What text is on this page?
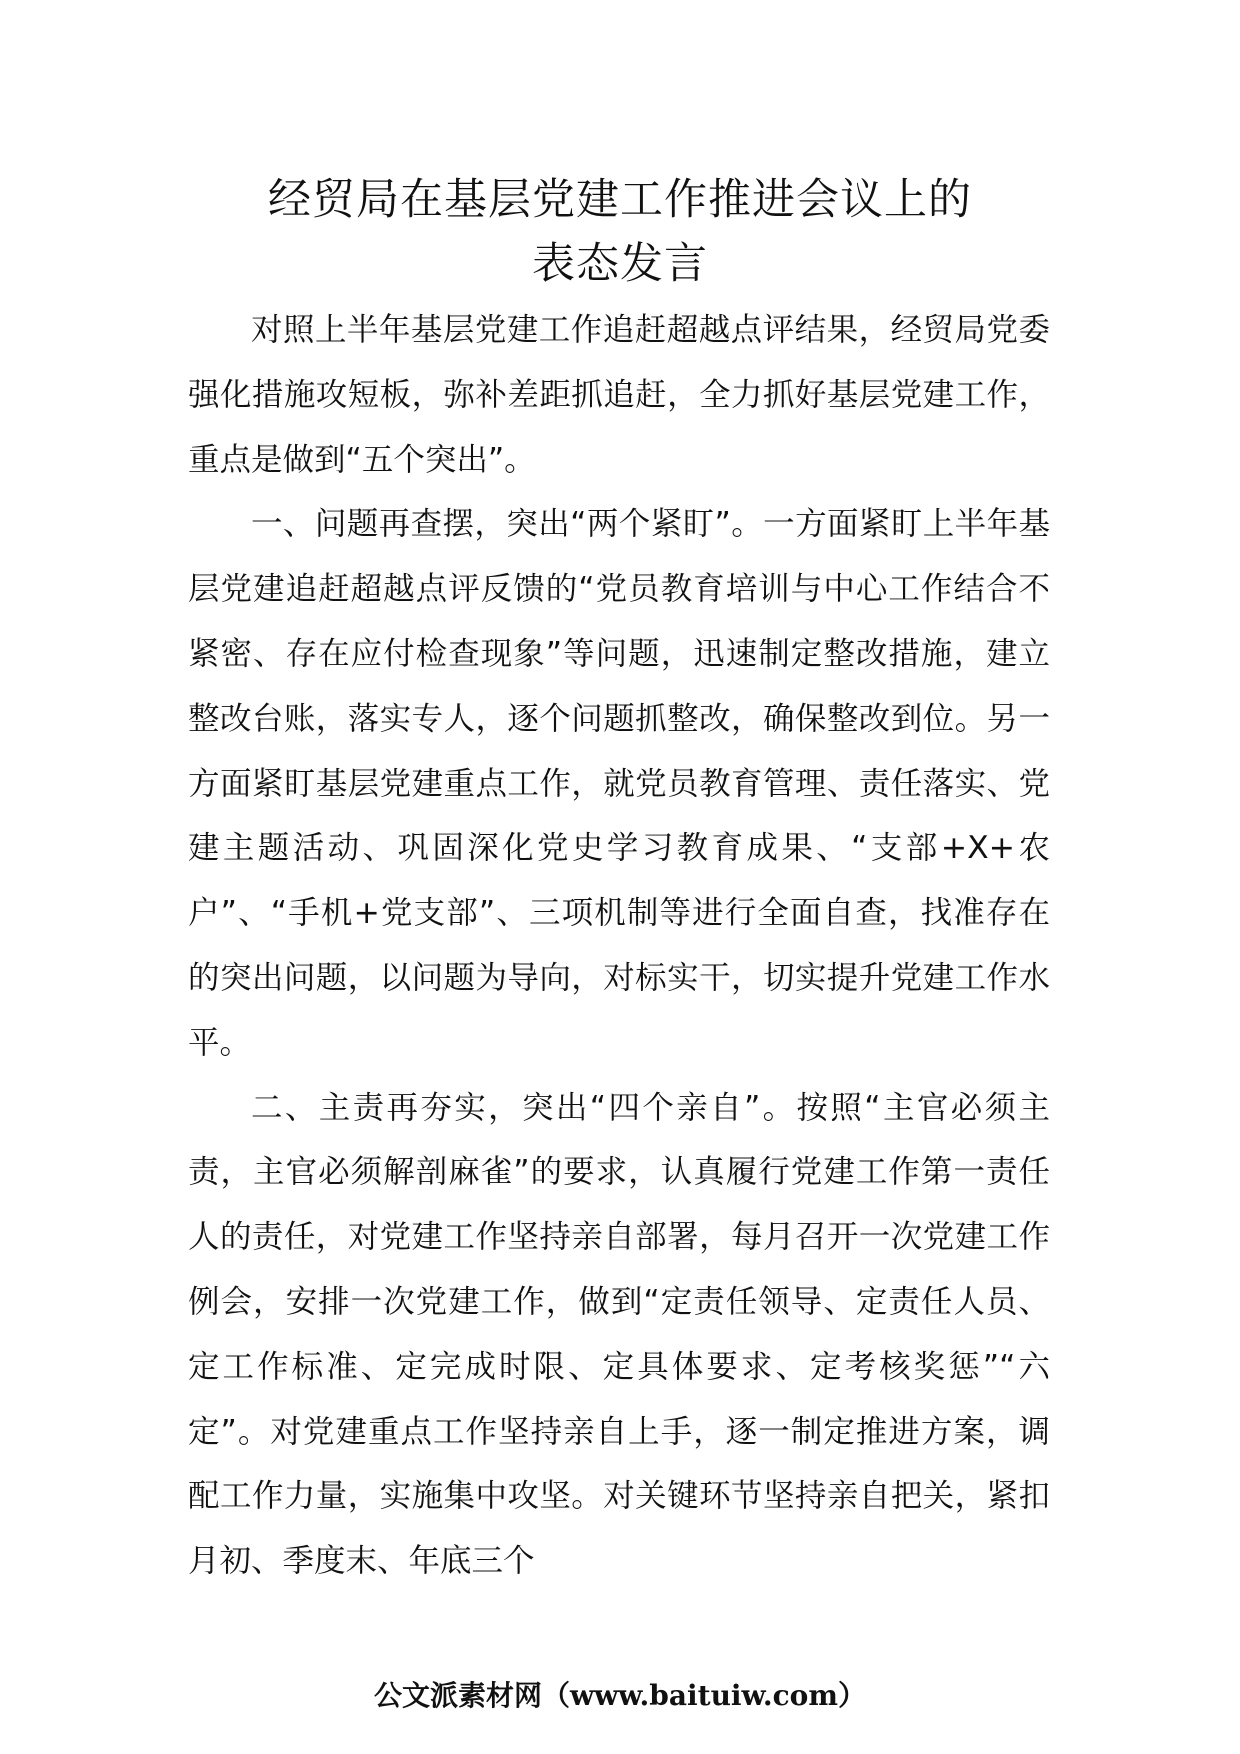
经贸局在基层党建工作推进会议上的
表态发言

对照上半年基层党建工作追赶超越点评结果，经贸局党委强化措施攻短板，弥补差距抓追赶，全力抓好基层党建工作，重点是做到“五个突出”。

一、问题再查摆，突出“两个紧盯”。一方面紧盯上半年基层党建追赶超越点评反馈的“党员教育培训与中心工作结合不紧密、存在应付检查现象”等问题，迅速制定整改措施，建立整改台账，落实专人，逐个问题抓整改，确保整改到位。另一方面紧盯基层党建重点工作，就党员教育管理、责任落实、党建主题活动、巩固深化党史学习教育成果、“支部+X+农户”、“手机+党支部”、三项机制等进行全面自查，找准存在的突出问题，以问题为导向，对标实干，切实提升党建工作水平。

二、主责再夯实，突出“四个亲自”。按照“主官必须主责，主官必须解剖麻雀”的要求，认真履行党建工作第一责任人的责任，对党建工作坚持亲自部署，每月召开一次党建工作例会，安排一次党建工作，做到“定责任领导、定责任人员、定工作标准、定完成时限、定具体要求、定考核奖惩”“六定”。对党建重点工作坚持亲自上手，逐一制定推进方案，调配工作力量，实施集中攻坚。对关键环节坚持亲自把关，紧扣月初、季度末、年底三个

公文派素材网（www.baituiw.com）
